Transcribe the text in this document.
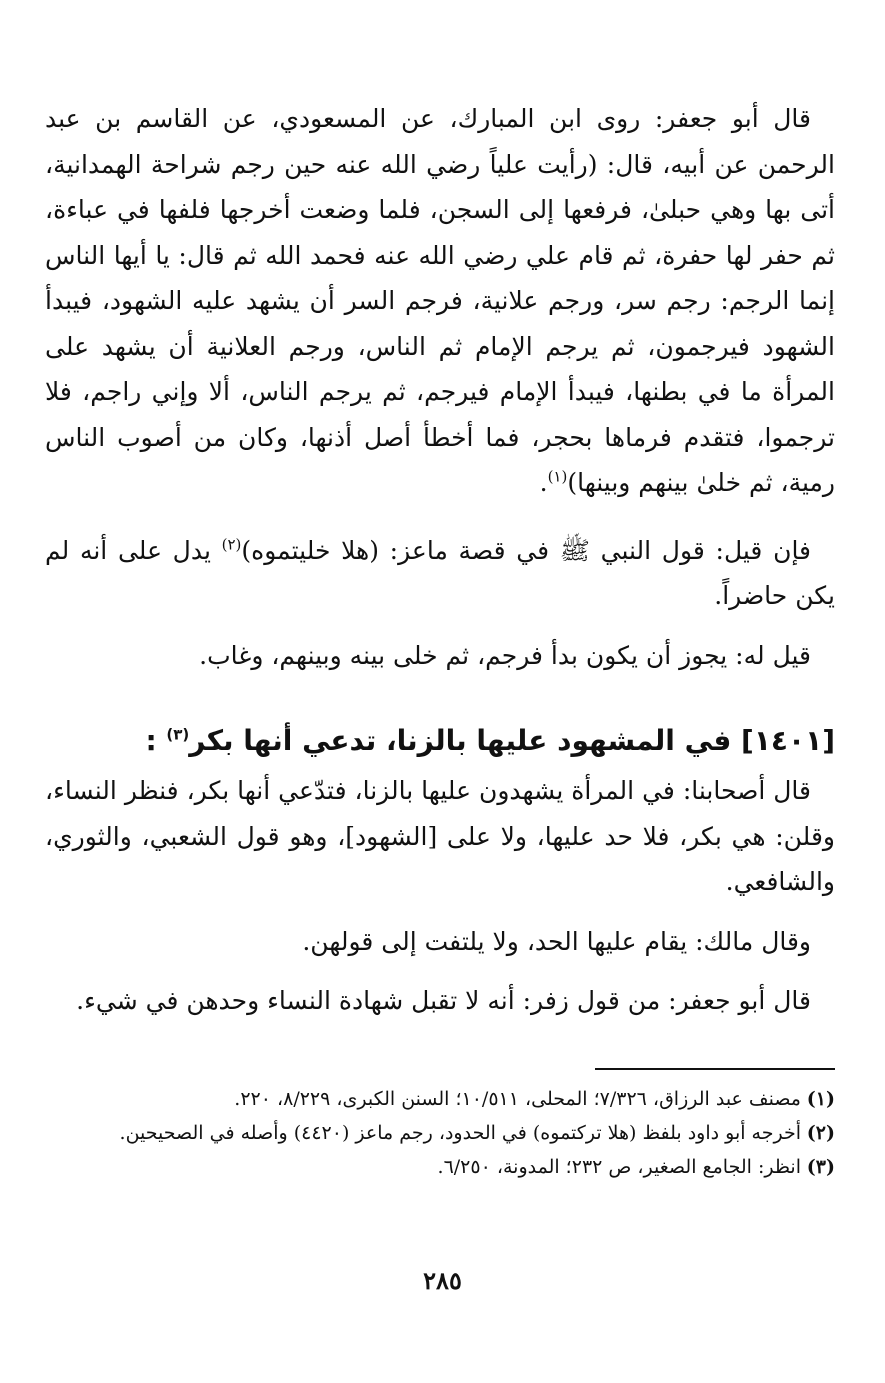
قال أبو جعفر: روى ابن المبارك، عن المسعودي، عن القاسم بن عبد الرحمن عن أبيه، قال: (رأيت علياً رضي الله عنه حين رجم شراحة الهمدانية، أتى بها وهي حبلىٰ، فرفعها إلى السجن، فلما وضعت أخرجها فلفها في عباءة، ثم حفر لها حفرة، ثم قام علي رضي الله عنه فحمد الله ثم قال: يا أيها الناس إنما الرجم: رجم سر، ورجم علانية، فرجم السر أن يشهد عليه الشهود، فيبدأ الشهود فيرجمون، ثم يرجم الإمام ثم الناس، ورجم العلانية أن يشهد على المرأة ما في بطنها، فيبدأ الإمام فيرجم، ثم يرجم الناس، ألا وإني راجم، فلا ترجموا، فتقدم فرماها بحجر، فما أخطأ أصل أذنها، وكان من أصوب الناس رمية، ثم خلىٰ بينهم وبينها)$^{(١)}$.

فإن قيل: قول النبي ﷺ في قصة ماعز: (هلا خليتموه)$^{(٢)}$ يدل على أنه لم يكن حاضراً.

قيل له: يجوز أن يكون بدأ فرجم، ثم خلى بينه وبينهم، وغاب.

[١٤٠١] في المشهود عليها بالزنا، تدعي أنها بكر$^{(٣)}$ :

قال أصحابنا: في المرأة يشهدون عليها بالزنا، فتدّعي أنها بكر، فنظر النساء، وقلن: هي بكر، فلا حد عليها، ولا على [الشهود]، وهو قول الشعبي، والثوري، والشافعي.

وقال مالك: يقام عليها الحد، ولا يلتفت إلى قولهن.

قال أبو جعفر: من قول زفر: أنه لا تقبل شهادة النساء وحدهن في شيء.

(١)
مصنف عبد الرزاق، ٧/٣٢٦؛ المحلى، ١٠/٥١١؛ السنن الكبرى، ٨/٢٢٩، ٢٢٠.
(٢)
أخرجه أبو داود بلفظ (هلا تركتموه) في الحدود، رجم ماعز (٤٤٢٠) وأصله في الصحيحين.
(٣)
انظر: الجامع الصغير، ص ٢٣٢؛ المدونة، ٦/٢٥٠.
٢٨٥
